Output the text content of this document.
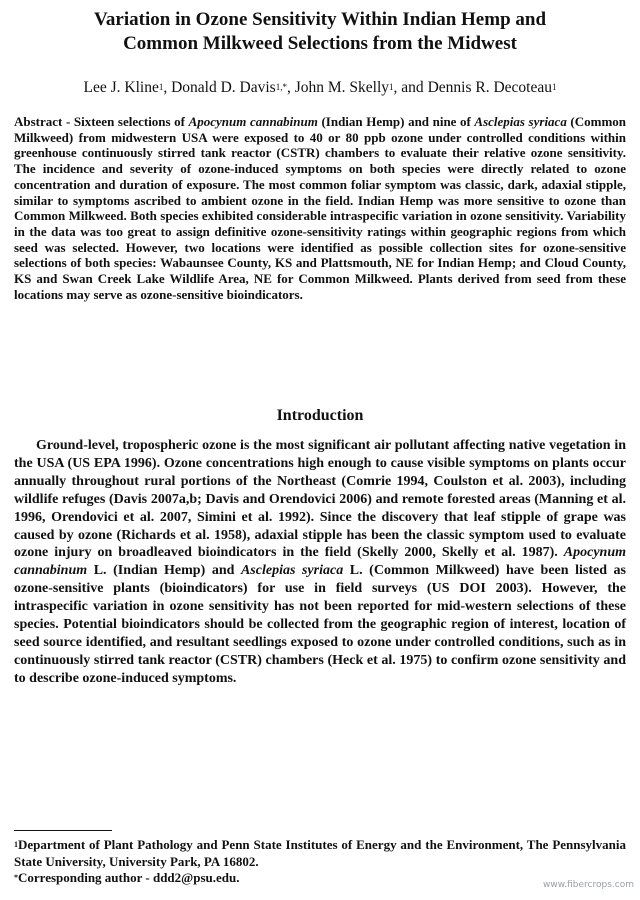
Variation in Ozone Sensitivity Within Indian Hemp and
Common Milkweed Selections from the Midwest
Lee J. Kline$^1$, Donald D. Davis$^{1,*}$, John M. Skelly$^1$, and Dennis R. Decoteau$^1$
Abstract - Sixteen selections of Apocynum cannabinum (Indian Hemp) and nine of Asclepias syriaca (Common Milkweed) from midwestern USA were exposed to 40 or 80 ppb ozone under controlled conditions within greenhouse continuously stirred tank reactor (CSTR) chambers to evaluate their relative ozone sensitivity. The incidence and severity of ozone-induced symptoms on both species were directly related to ozone concentration and duration of exposure. The most common foliar symptom was classic, dark, adaxial stipple, similar to symptoms ascribed to ambient ozone in the field. Indian Hemp was more sensitive to ozone than Common Milkweed. Both species exhibited considerable intraspecific variation in ozone sensitivity. Variability in the data was too great to assign definitive ozone-sensitivity ratings within geographic regions from which seed was selected. However, two locations were identified as possible collection sites for ozone-sensitive selections of both species: Wabaunsee County, KS and Plattsmouth, NE for Indian Hemp; and Cloud County, KS and Swan Creek Lake Wildlife Area, NE for Common Milkweed. Plants derived from seed from these locations may serve as ozone-sensitive bioindicators.
Introduction
Ground-level, tropospheric ozone is the most significant air pollutant affecting native vegetation in the USA (US EPA 1996). Ozone concentrations high enough to cause visible symptoms on plants occur annually throughout rural portions of the Northeast (Comrie 1994, Coulston et al. 2003), including wildlife refuges (Davis 2007a,b; Davis and Orendovici 2006) and remote forested areas (Manning et al. 1996, Orendovici et al. 2007, Simini et al. 1992). Since the discovery that leaf stipple of grape was caused by ozone (Richards et al. 1958), adaxial stipple has been the classic symptom used to evaluate ozone injury on broadleaved bioindicators in the field (Skelly 2000, Skelly et al. 1987). Apocynum cannabinum L. (Indian Hemp) and Asclepias syriaca L. (Common Milkweed) have been listed as ozone-sensitive plants (bioindicators) for use in field surveys (US DOI 2003). However, the intraspecific variation in ozone sensitivity has not been reported for mid-western selections of these species. Potential bioindicators should be collected from the geographic region of interest, location of seed source identified, and resultant seedlings exposed to ozone under controlled conditions, such as in continuously stirred tank reactor (CSTR) chambers (Heck et al. 1975) to confirm ozone sensitivity and to describe ozone-induced symptoms.
$^1$Department of Plant Pathology and Penn State Institutes of Energy and the Environment, The Pennsylvania State University, University Park, PA 16802.
*Corresponding author - ddd2@psu.edu.	www.fibercrops.com
